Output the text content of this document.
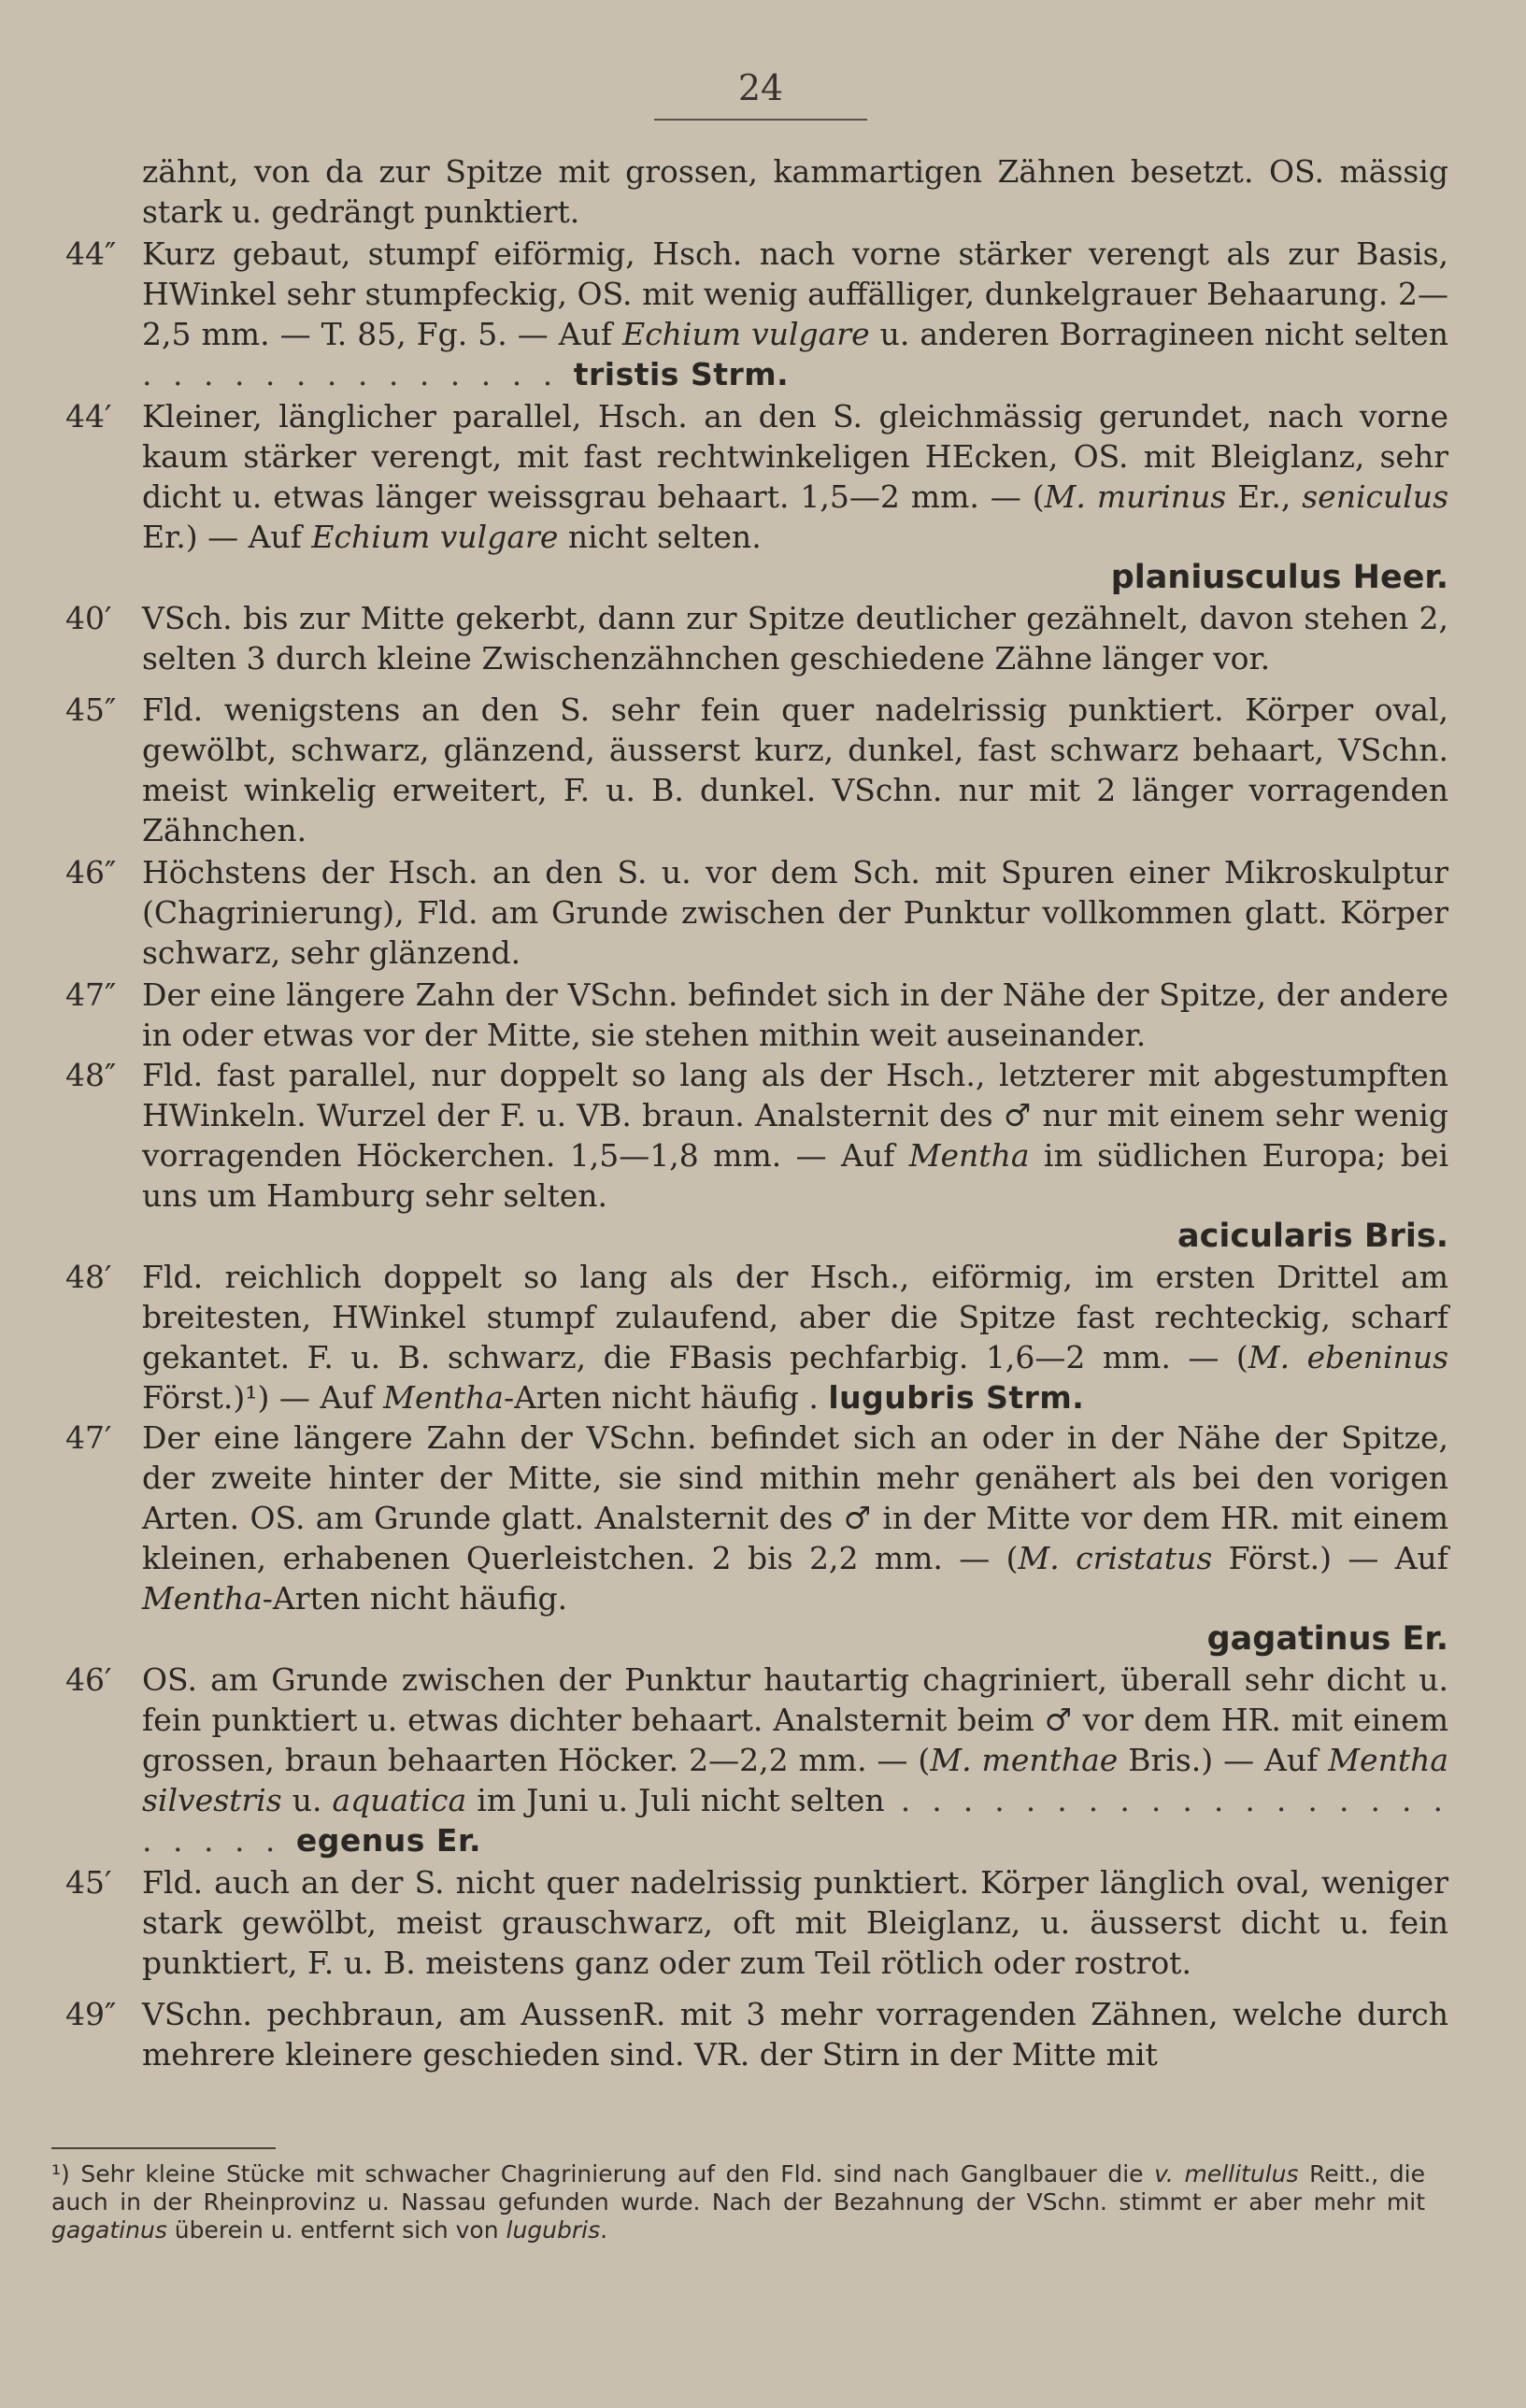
24
zähnt, von da zur Spitze mit grossen, kammartigen Zähnen besetzt. OS. mässig stark u. gedrängt punktiert.
44″ Kurz gebaut, stumpf eiförmig, Hsch. nach vorne stärker verengt als zur Basis, HWinkel sehr stumpfeckig, OS. mit wenig auffälliger, dunkelgrauer Behaarung. 2—2,5 mm. — T. 85, Fg. 5. — Auf Echium vulgare u. anderen Borragineen nicht selten . . . . . . . . . . . . . . tristis Strm.
44′ Kleiner, länglicher parallel, Hsch. an den S. gleichmässig gerundet, nach vorne kaum stärker verengt, mit fast rechtwinkeligen HEcken, OS. mit Bleiglanz, sehr dicht u. etwas länger weissgrau behaart. 1,5—2 mm. — (M. murinus Er., seniculus Er.) — Auf Echium vulgare nicht selten.
planiusculus Heer.
40′ VSch. bis zur Mitte gekerbt, dann zur Spitze deutlicher gezähnelt, davon stehen 2, selten 3 durch kleine Zwischenzähnchen geschiedene Zähne länger vor.
45″ Fld. wenigstens an den S. sehr fein quer nadelrissig punktiert. Körper oval, gewölbt, schwarz, glänzend, äusserst kurz, dunkel, fast schwarz behaart, VSchn. meist winkelig erweitert, F. u. B. dunkel. VSchn. nur mit 2 länger vorragenden Zähnchen.
46″ Höchstens der Hsch. an den S. u. vor dem Sch. mit Spuren einer Mikroskulptur (Chagrinierung), Fld. am Grunde zwischen der Punktur vollkommen glatt. Körper schwarz, sehr glänzend.
47″ Der eine längere Zahn der VSchn. befindet sich in der Nähe der Spitze, der andere in oder etwas vor der Mitte, sie stehen mithin weit auseinander.
48″ Fld. fast parallel, nur doppelt so lang als der Hsch., letzterer mit abgestumpften HWinkeln. Wurzel der F. u. VB. braun. Analsternit des ♂ nur mit einem sehr wenig vorragenden Höckerchen. 1,5—1,8 mm. — Auf Mentha im südlichen Europa; bei uns um Hamburg sehr selten.
acicularis Bris.
48′ Fld. reichlich doppelt so lang als der Hsch., eiförmig, im ersten Drittel am breitesten, HWinkel stumpf zulaufend, aber die Spitze fast rechteckig, scharf gekantet. F. u. B. schwarz, die FBasis pechfarbig. 1,6—2 mm. — (M. ebeninus Först.)¹) — Auf Mentha-Arten nicht häufig . lugubris Strm.
47′ Der eine längere Zahn der VSchn. befindet sich an oder in der Nähe der Spitze, der zweite hinter der Mitte, sie sind mithin mehr genähert als bei den vorigen Arten. OS. am Grunde glatt. Analsternit des ♂ in der Mitte vor dem HR. mit einem kleinen, erhabenen Querleistchen. 2 bis 2,2 mm. — (M. cristatus Först.) — Auf Mentha-Arten nicht häufig.
gagatinus Er.
46′ OS. am Grunde zwischen der Punktur hautartig chagriniert, überall sehr dicht u. fein punktiert u. etwas dichter behaart. Analsternit beim ♂ vor dem HR. mit einem grossen, braun behaarten Höcker. 2—2,2 mm. — (M. menthae Bris.) — Auf Mentha silvestris u. aquatica im Juni u. Juli nicht selten . . . . . . . . . . . . . . . . . . . . . . . egenus Er.
45′ Fld. auch an der S. nicht quer nadelrissig punktiert. Körper länglich oval, weniger stark gewölbt, meist grauschwarz, oft mit Bleiglanz, u. äusserst dicht u. fein punktiert, F. u. B. meistens ganz oder zum Teil rötlich oder rostrot.
49″ VSchn. pechbraun, am AussenR. mit 3 mehr vorragenden Zähnen, welche durch mehrere kleinere geschieden sind. VR. der Stirn in der Mitte mit
¹) Sehr kleine Stücke mit schwacher Chagrinierung auf den Fld. sind nach Ganglbauer die v. mellitulus Reitt., die auch in der Rheinprovinz u. Nassau gefunden wurde. Nach der Bezahnung der VSchn. stimmt er aber mehr mit gagatinus überein u. entfernt sich von lugubris.
